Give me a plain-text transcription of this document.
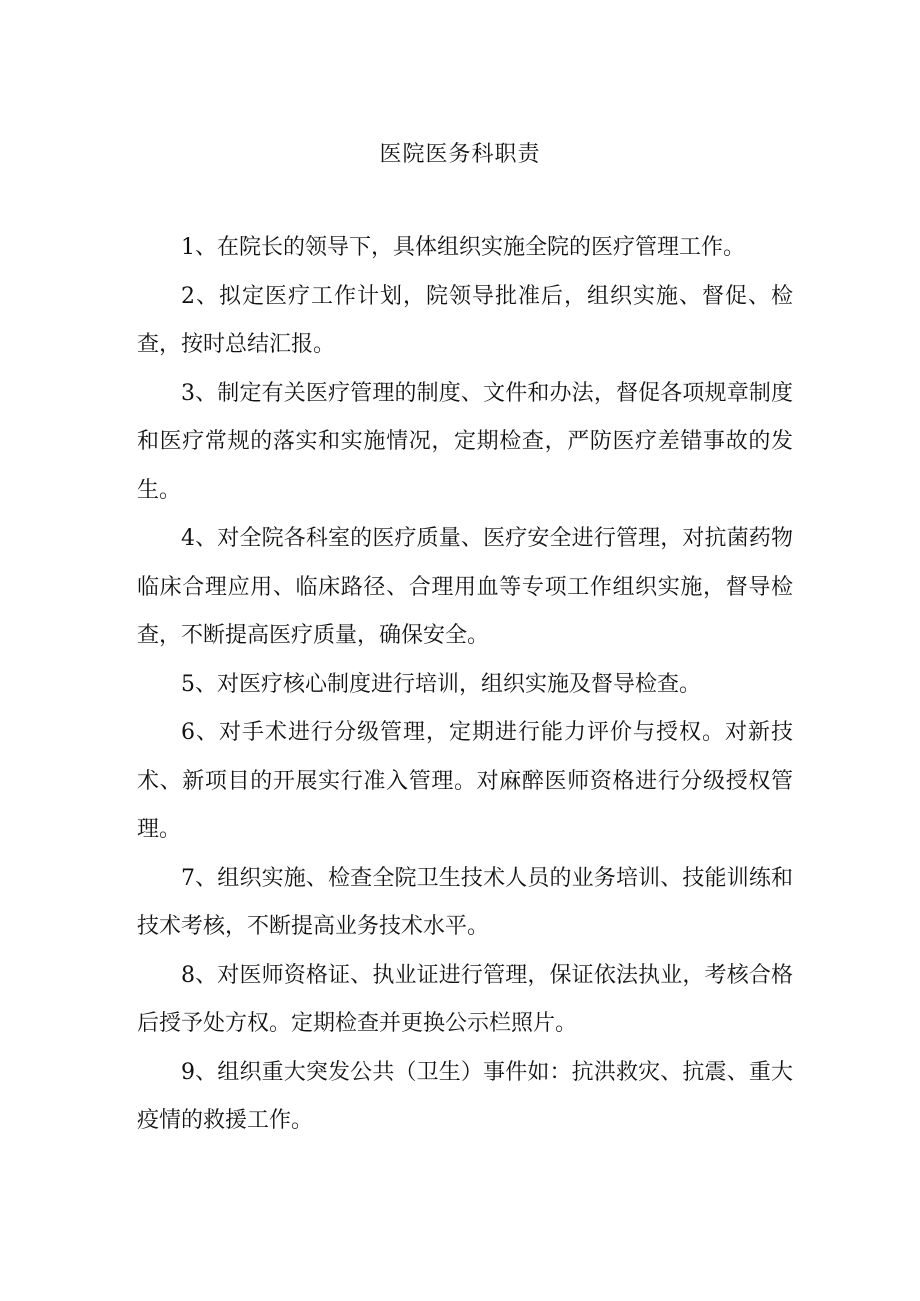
医院医务科职责

1、在院长的领导下，具体组织实施全院的医疗管理工作。

2、拟定医疗工作计划，院领导批准后，组织实施、督促、检查，按时总结汇报。

3、制定有关医疗管理的制度、文件和办法，督促各项规章制度和医疗常规的落实和实施情况，定期检查，严防医疗差错事故的发生。

4、对全院各科室的医疗质量、医疗安全进行管理，对抗菌药物临床合理应用、临床路径、合理用血等专项工作组织实施，督导检查，不断提高医疗质量，确保安全。

5、对医疗核心制度进行培训，组织实施及督导检查。

6、对手术进行分级管理，定期进行能力评价与授权。对新技术、新项目的开展实行准入管理。对麻醉医师资格进行分级授权管理。

7、组织实施、检查全院卫生技术人员的业务培训、技能训练和技术考核，不断提高业务技术水平。

8、对医师资格证、执业证进行管理，保证依法执业，考核合格后授予处方权。定期检查并更换公示栏照片。

9、组织重大突发公共（卫生）事件如：抗洪救灾、抗震、重大疫情的救援工作。
